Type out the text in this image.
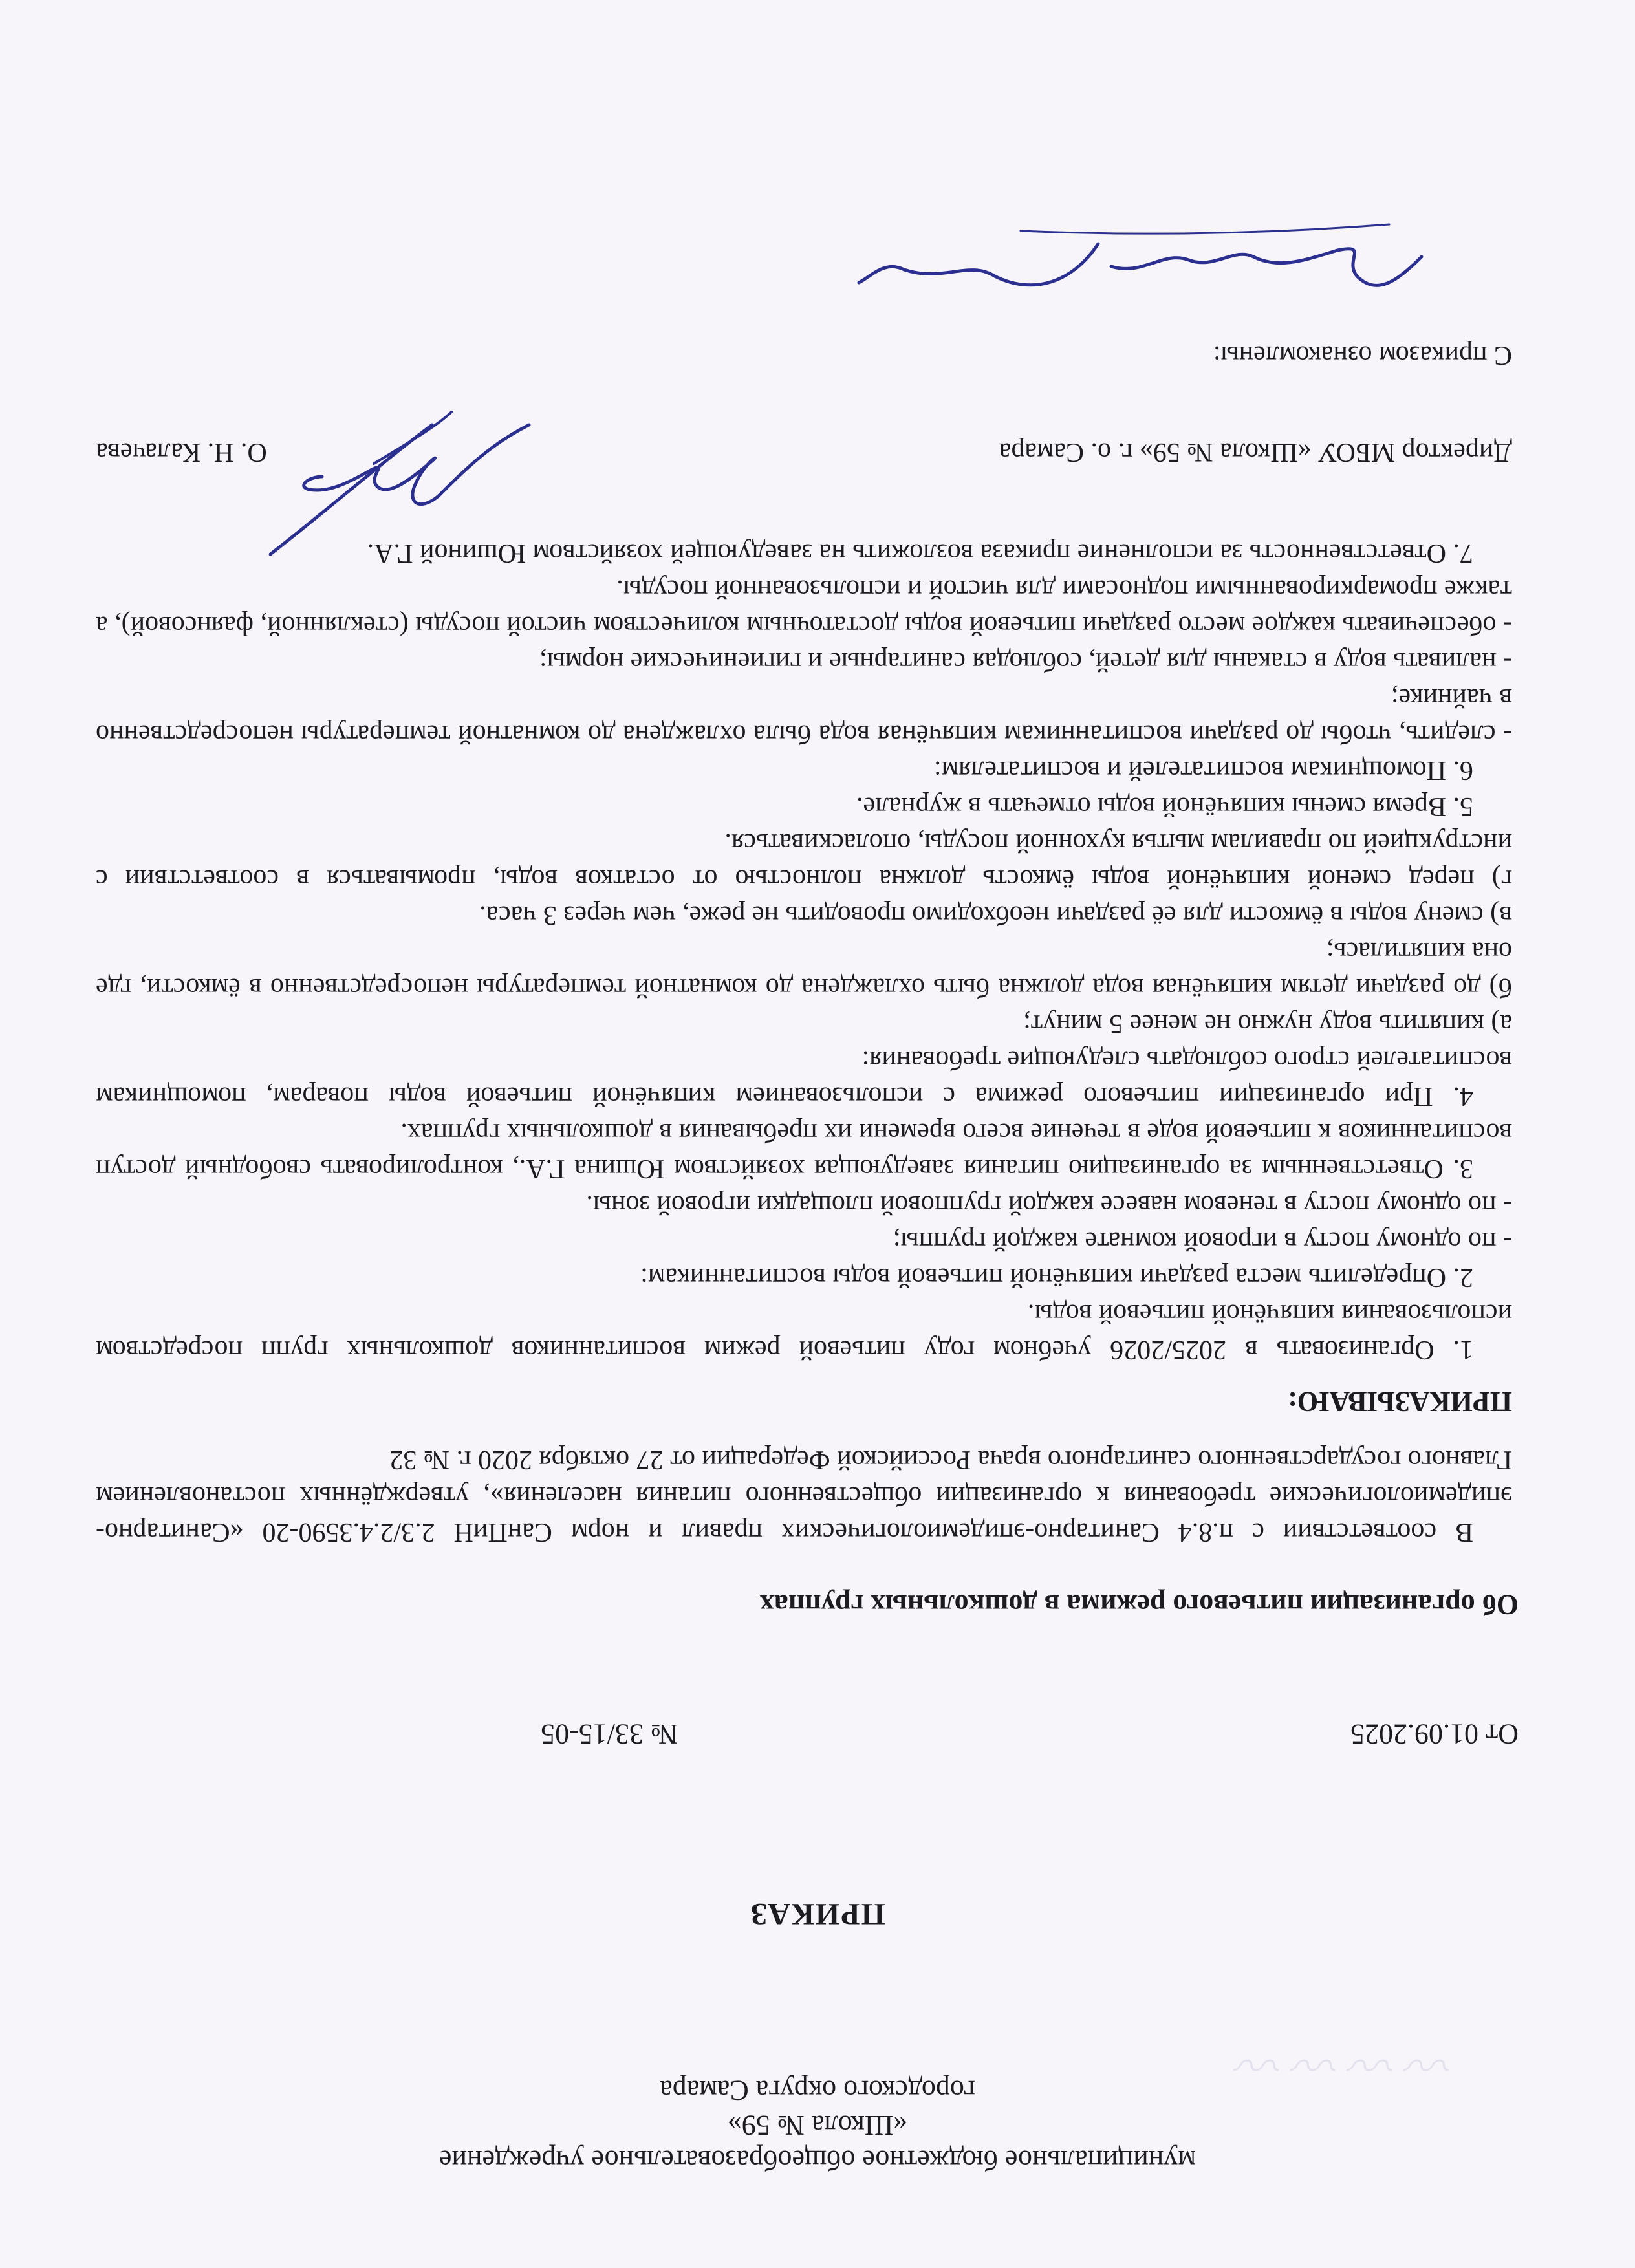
муниципальное бюджетное общеобразовательное учреждение
«Школа № 59»
городского округа Самара
ПРИКАЗ
От 01.09.2025
№ 33/15-05
Об организации питьевого режима в дошкольных группах

В соответствии с п.8.4 Санитарно-эпидемиологических правил и норм СанПиН 2.3/2.4.3590-20 «Санитарно-эпидемиологические требования к организации общественного питания населения», утверждённых постановлением Главного государственного санитарного врача Российской Федерации от 27 октября 2020 г. № 32

ПРИКАЗЫВАЮ:

1. Организовать в 2025/2026 учебном году питьевой режим воспитанников дошкольных групп посредством использования кипячёной питьевой воды.

2. Определить места раздачи кипячёной питьевой воды воспитанникам:

- по одному посту в игровой комнате каждой группы;

- по одному посту в теневом навесе каждой групповой площадки игровой зоны.

3. Ответственным за организацию питания заведующая хозяйством Юшина Г.А., контролировать свободный доступ воспитанников к питьевой воде в течение всего времени их пребывания в дошкольных группах.

4. При организации питьевого режима с использованием кипячёной питьевой воды поварам, помощникам воспитателей строго соблюдать следующие требования:

а) кипятить воду нужно не менее 5 минут;

б) до раздачи детям кипячёная вода должна быть охлаждена до комнатной температуры непосредственно в ёмкости, где она кипятилась;

в) смену воды в ёмкости для её раздачи необходимо проводить не реже, чем через 3 часа.

г) перед сменой кипячёной воды ёмкость должна полностью от остатков воды, промываться в соответствии с инструкцией по правилам мытья кухонной посуды, ополаскиваться.

5. Время смены кипячёной воды отмечать в журнале.

6. Помощникам воспитателей и воспитателям:

- следить, чтобы до раздачи воспитанникам кипячёная вода была охлаждена до комнатной температуры непосредственно в чайнике;

- наливать воду в стаканы для детей, соблюдая санитарные и гигиенические нормы;

- обеспечивать каждое место раздачи питьевой воды достаточным количеством чистой посуды (стеклянной, фаянсовой), а также промаркированными подносами для чистой и использованной посуды.

7. Ответственность за исполнение приказа возложить на заведующей хозяйством Юшиной Г.А.

Директор МБОУ «Школа № 59» г. о. Самара
О. Н. Калачева
С приказом ознакомлены:
〰 〰 〰 〰
